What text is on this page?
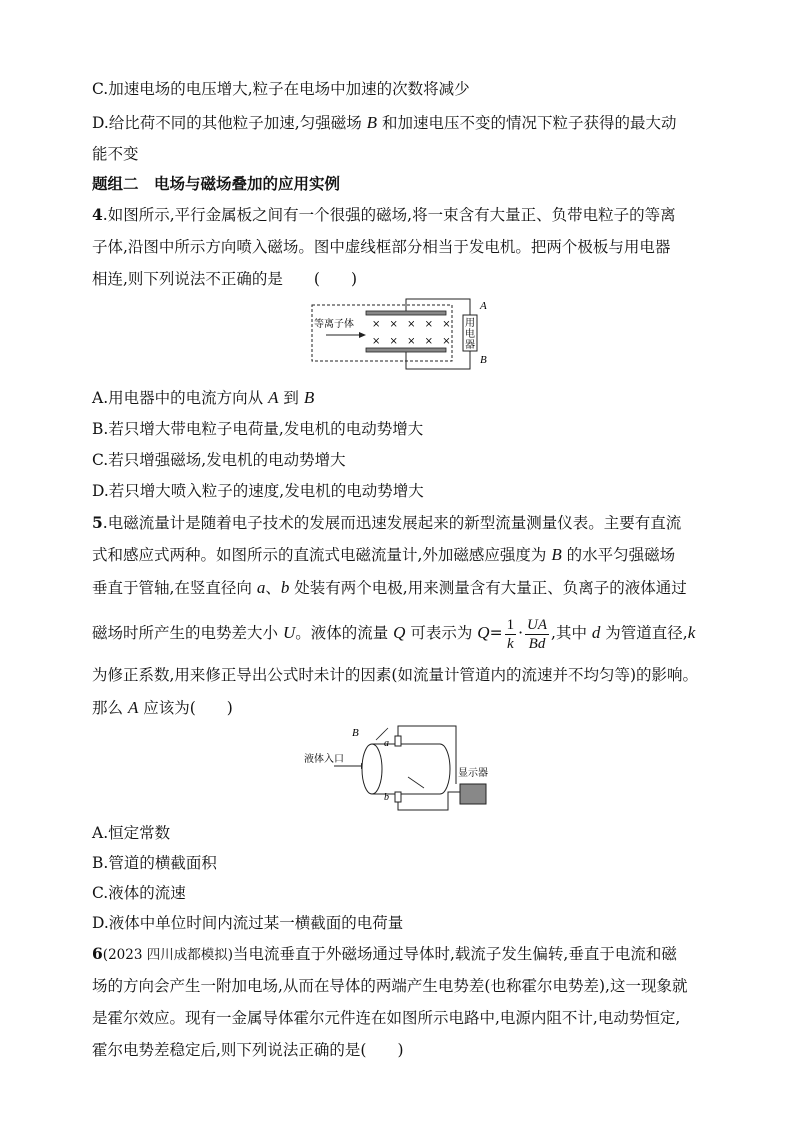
C.加速电场的电压增大,粒子在电场中加速的次数将减少
D.给比荷不同的其他粒子加速,匀强磁场 B 和加速电压不变的情况下粒子获得的最大动
能不变
题组二　电场与磁场叠加的应用实例
4.如图所示,平行金属板之间有一个很强的磁场,将一束含有大量正、负带电粒子的等离
子体,沿图中所示方向喷入磁场。图中虚线框部分相当于发电机。把两个极板与用电器
相连,则下列说法不正确的是　　(　　)
用
电
器
A
B
等离子体 × × × × ×
× × × × ×
A.用电器中的电流方向从 A 到 B
B.若只增大带电粒子电荷量,发电机的电动势增大
C.若只增强磁场,发电机的电动势增大
D.若只增大喷入粒子的速度,发电机的电动势增大
5.电磁流量计是随着电子技术的发展而迅速发展起来的新型流量测量仪表。主要有直流
式和感应式两种。如图所示的直流式电磁流量计,外加磁感应强度为 B 的水平匀强磁场
垂直于管轴,在竖直径向 a、b 处装有两个电极,用来测量含有大量正、负离子的液体通过
磁场时所产生的电势差大小 U。液体的流量 Q 可表示为 $Q= \frac{1}{k} \cdot \frac{UA}{Bd}$ ,其中 d 为管道直径,k
为修正系数,用来修正导出公式时未计的因素(如流量计管道内的流速并不均匀等)的影响。
那么 A 应该为(　　)
液体入口
a
b
B
显示器
A.恒定常数
B.管道的横截面积
C.液体的流速
D.液体中单位时间内流过某一横截面的电荷量
6(2023 四川成都模拟)当电流垂直于外磁场通过导体时,载流子发生偏转,垂直于电流和磁
场的方向会产生一附加电场,从而在导体的两端产生电势差(也称霍尔电势差),这一现象就
是霍尔效应。现有一金属导体霍尔元件连在如图所示电路中,电源内阻不计,电动势恒定,
霍尔电势差稳定后,则下列说法正确的是(　　)
